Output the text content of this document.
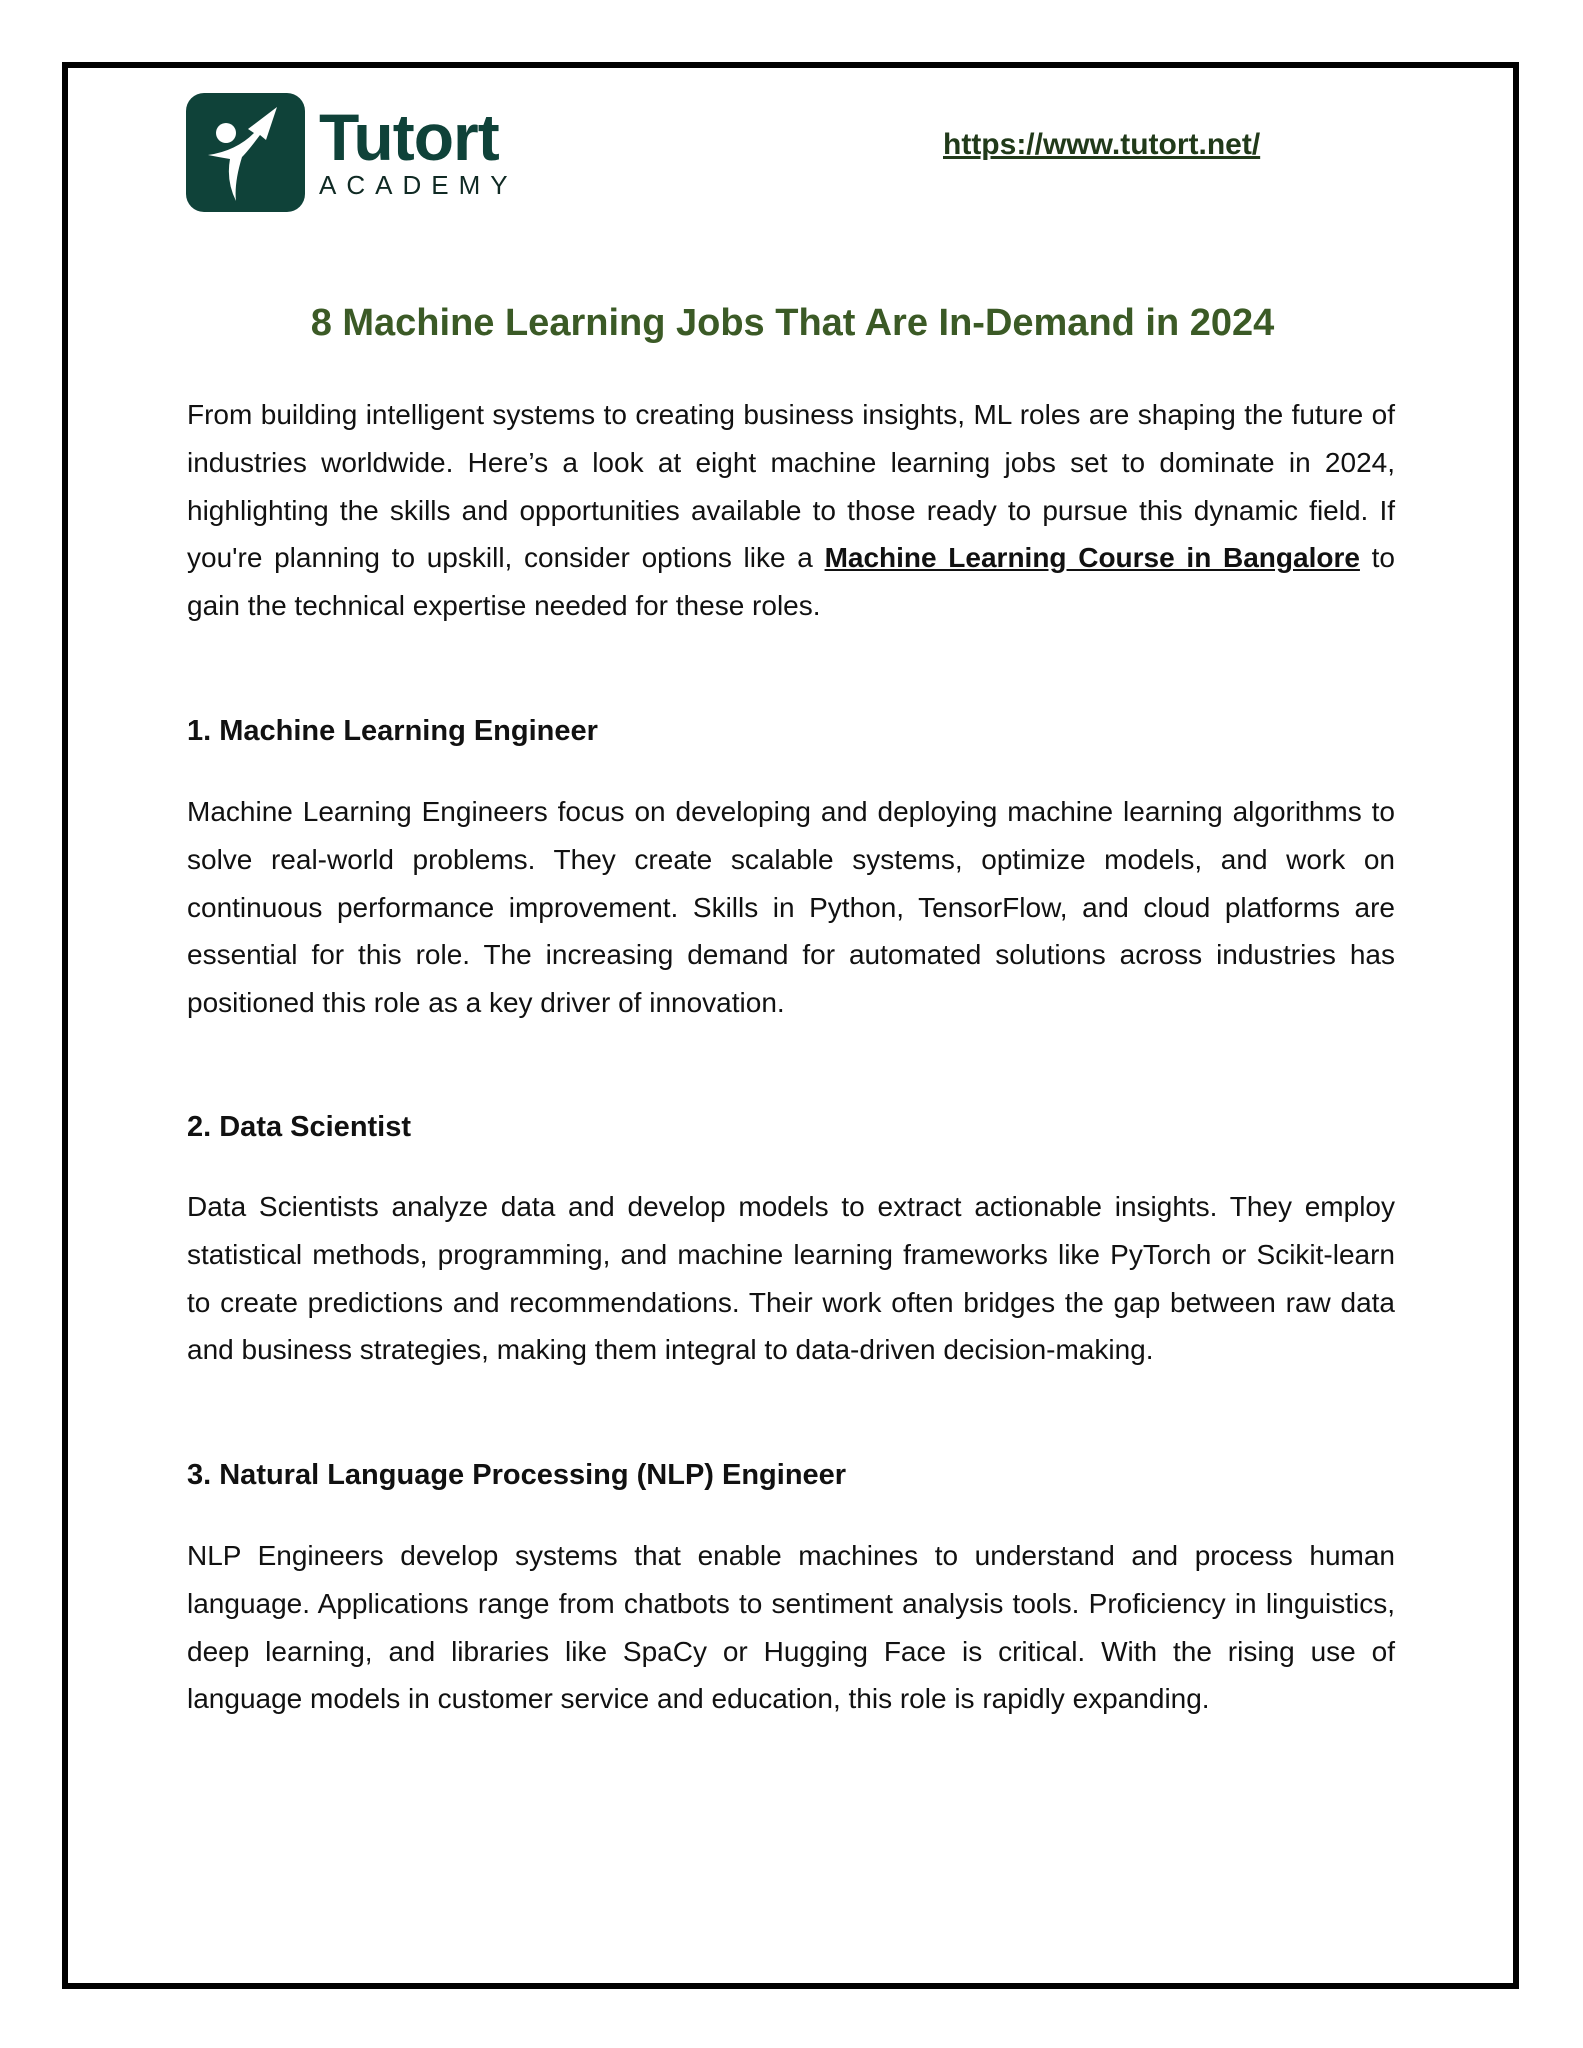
Tutort
ACADEMY
https://www.tutort.net/
8 Machine Learning Jobs That Are In-Demand in 2024
From building intelligent systems to creating business insights, ML roles are shaping the future of industries worldwide. Here’s a look at eight machine learning jobs set to dominate in 2024, highlighting the skills and opportunities available to those ready to pursue this dynamic field. If you're planning to upskill, consider options like a Machine Learning Course in Bangalore to gain the technical expertise needed for these roles.
1. Machine Learning Engineer
Machine Learning Engineers focus on developing and deploying machine learning algorithms to solve real-world problems. They create scalable systems, optimize models, and work on continuous performance improvement. Skills in Python, TensorFlow, and cloud platforms are essential for this role. The increasing demand for automated solutions across industries has positioned this role as a key driver of innovation.
2. Data Scientist
Data Scientists analyze data and develop models to extract actionable insights. They employ statistical methods, programming, and machine learning frameworks like PyTorch or Scikit-learn to create predictions and recommendations. Their work often bridges the gap between raw data and business strategies, making them integral to data-driven decision-making.
3. Natural Language Processing (NLP) Engineer
NLP Engineers develop systems that enable machines to understand and process human language. Applications range from chatbots to sentiment analysis tools. Proficiency in linguistics, deep learning, and libraries like SpaCy or Hugging Face is critical. With the rising use of language models in customer service and education, this role is rapidly expanding.
